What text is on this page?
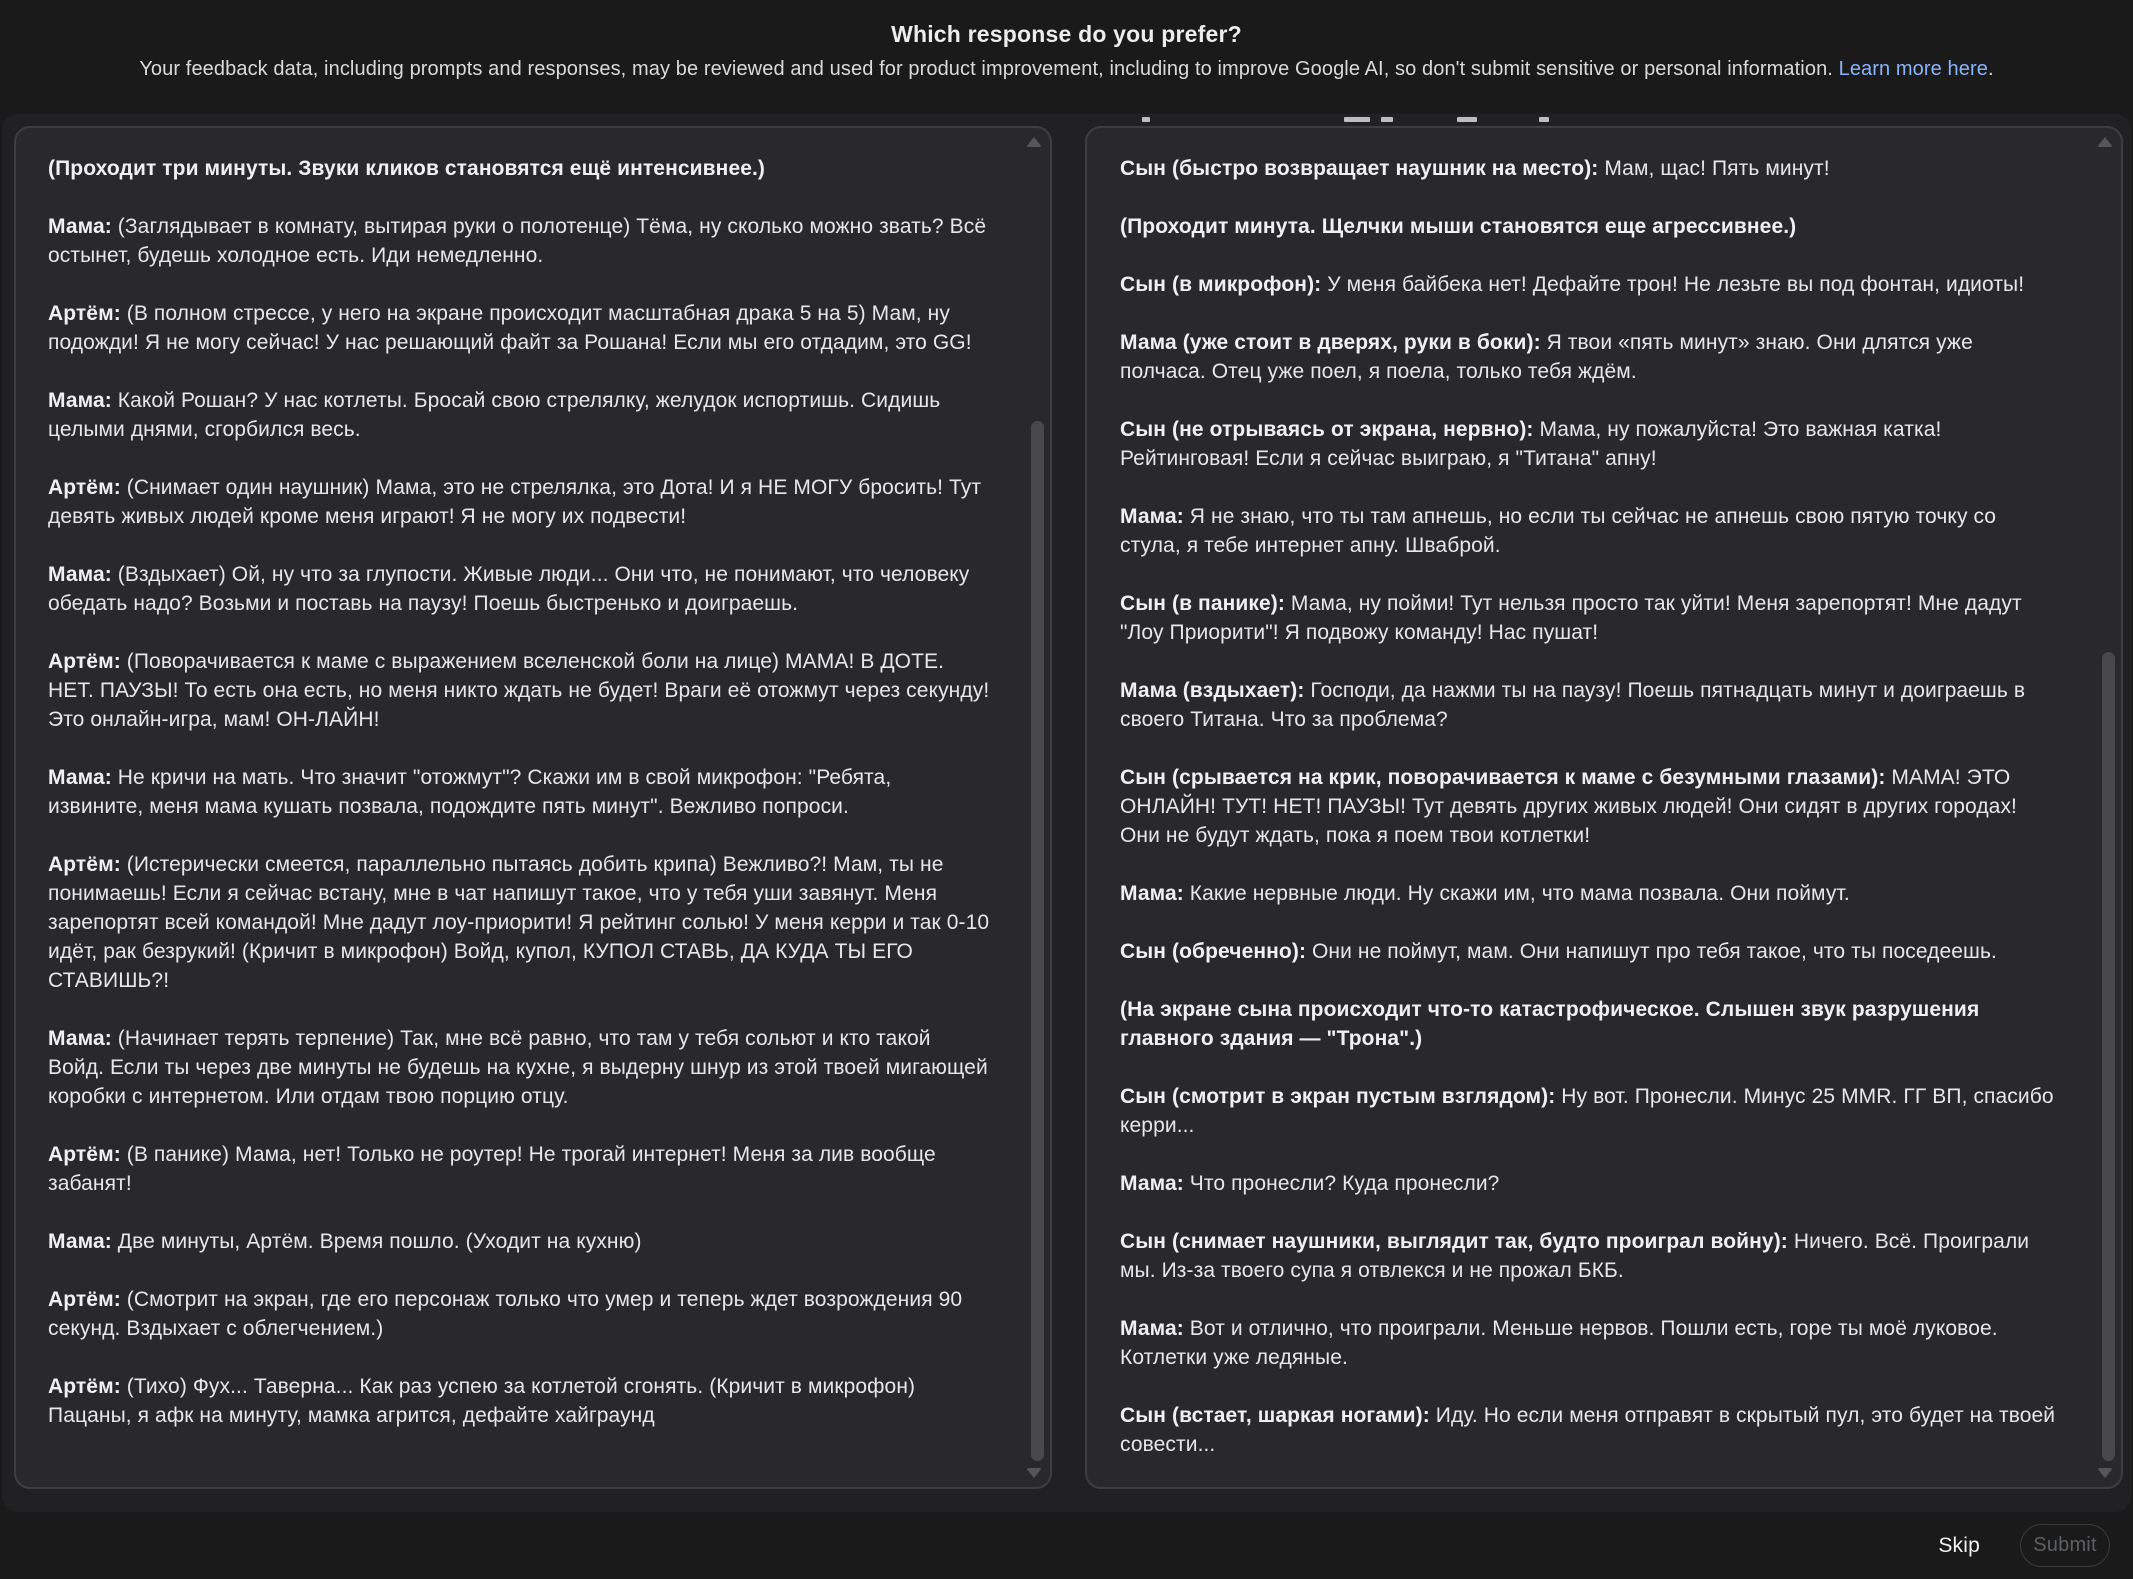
Which response do you prefer?

Your feedback data, including prompts and responses, may be reviewed and used for product improvement, including to improve Google AI, so don't submit sensitive or personal information. Learn more here.

(Проходит три минуты. Звуки кликов становятся ещё интенсивнее.)

Мама: (Заглядывает в комнату, вытирая руки о полотенце) Тёма, ну сколько можно звать? Всё остынет, будешь холодное есть. Иди немедленно.

Артём: (В полном стрессе, у него на экране происходит масштабная драка 5 на 5) Мам, ну подожди! Я не могу сейчас! У нас решающий файт за Рошана! Если мы его отдадим, это GG!

Мама: Какой Рошан? У нас котлеты. Бросай свою стрелялку, желудок испортишь. Сидишь целыми днями, сгорбился весь.

Артём: (Снимает один наушник) Мама, это не стрелялка, это Дота! И я НЕ МОГУ бросить! Тут девять живых людей кроме меня играют! Я не могу их подвести!

Мама: (Вздыхает) Ой, ну что за глупости. Живые люди... Они что, не понимают, что человеку обедать надо? Возьми и поставь на паузу! Поешь быстренько и доиграешь.

Артём: (Поворачивается к маме с выражением вселенской боли на лице) МАМА! В ДОТЕ. НЕТ. ПАУЗЫ! То есть она есть, но меня никто ждать не будет! Враги её отожмут через секунду! Это онлайн-игра, мам! ОН-ЛАЙН!

Мама: Не кричи на мать. Что значит "отожмут"? Скажи им в свой микрофон: "Ребята, извините, меня мама кушать позвала, подождите пять минут". Вежливо попроси.

Артём: (Истерически смеется, параллельно пытаясь добить крипа) Вежливо?! Мам, ты не понимаешь! Если я сейчас встану, мне в чат напишут такое, что у тебя уши завянут. Меня зарепортят всей командой! Мне дадут лоу-приорити! Я рейтинг солью! У меня керри и так 0-10 идёт, рак безрукий! (Кричит в микрофон) Войд, купол, КУПОЛ СТАВЬ, ДА КУДА ТЫ ЕГО СТАВИШЬ?!

Мама: (Начинает терять терпение) Так, мне всё равно, что там у тебя сольют и кто такой Войд. Если ты через две минуты не будешь на кухне, я выдерну шнур из этой твоей мигающей коробки с интернетом. Или отдам твою порцию отцу.

Артём: (В панике) Мама, нет! Только не роутер! Не трогай интернет! Меня за лив вообще забанят!

Мама: Две минуты, Артём. Время пошло. (Уходит на кухню)

Артём: (Смотрит на экран, где его персонаж только что умер и теперь ждет возрождения 90 секунд. Вздыхает с облегчением.)

Артём: (Тихо) Фух... Таверна... Как раз успею за котлетой сгонять. (Кричит в микрофон) Пацаны, я афк на минуту, мамка агрится, дефайте хайграунд

Сын (быстро возвращает наушник на место): Мам, щас! Пять минут!

(Проходит минута. Щелчки мыши становятся еще агрессивнее.)

Сын (в микрофон): У меня байбека нет! Дефайте трон! Не лезьте вы под фонтан, идиоты!

Мама (уже стоит в дверях, руки в боки): Я твои «пять минут» знаю. Они длятся уже полчаса. Отец уже поел, я поела, только тебя ждём.

Сын (не отрываясь от экрана, нервно): Мама, ну пожалуйста! Это важная катка! Рейтинговая! Если я сейчас выиграю, я "Титана" апну!

Мама: Я не знаю, что ты там апнешь, но если ты сейчас не апнешь свою пятую точку со стула, я тебе интернет апну. Шваброй.

Сын (в панике): Мама, ну пойми! Тут нельзя просто так уйти! Меня зарепортят! Мне дадут "Лоу Приорити"! Я подвожу команду! Нас пушат!

Мама (вздыхает): Господи, да нажми ты на паузу! Поешь пятнадцать минут и доиграешь в своего Титана. Что за проблема?

Сын (срывается на крик, поворачивается к маме с безумными глазами): МАМА! ЭТО ОНЛАЙН! ТУТ! НЕТ! ПАУЗЫ! Тут девять других живых людей! Они сидят в других городах! Они не будут ждать, пока я поем твои котлетки!

Мама: Какие нервные люди. Ну скажи им, что мама позвала. Они поймут.

Сын (обреченно): Они не поймут, мам. Они напишут про тебя такое, что ты поседеешь.

(На экране сына происходит что-то катастрофическое. Слышен звук разрушения главного здания — "Трона".)

Сын (смотрит в экран пустым взглядом): Ну вот. Пронесли. Минус 25 MMR. ГГ ВП, спасибо керри...

Мама: Что пронесли? Куда пронесли?

Сын (снимает наушники, выглядит так, будто проиграл войну): Ничего. Всё. Проиграли мы. Из-за твоего супа я отвлекся и не прожал БКБ.

Мама: Вот и отлично, что проиграли. Меньше нервов. Пошли есть, горе ты моё луковое. Котлетки уже ледяные.

Сын (встает, шаркая ногами): Иду. Но если меня отправят в скрытый пул, это будет на твоей совести...

Skip	Submit
